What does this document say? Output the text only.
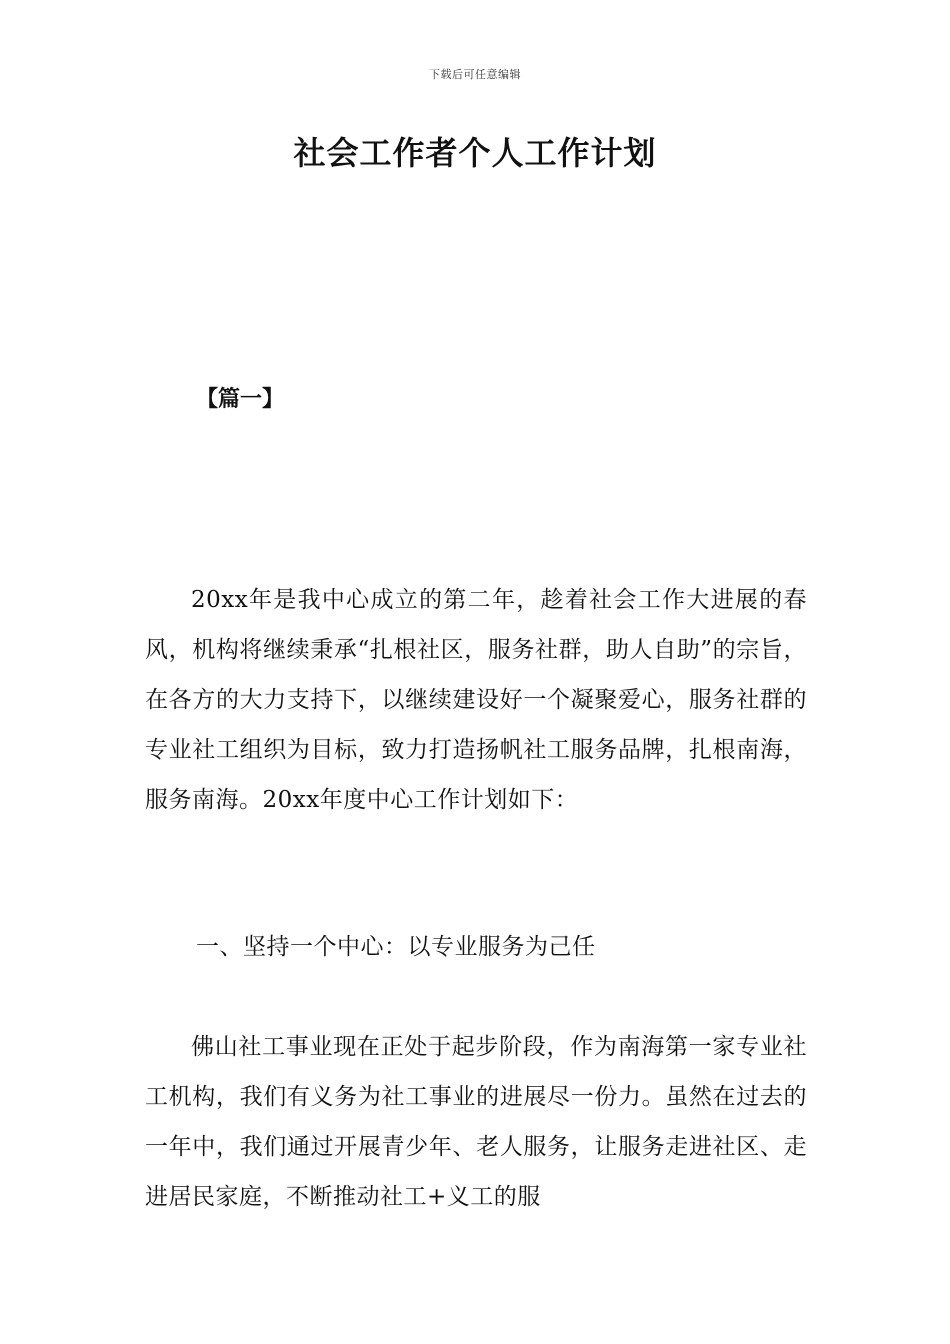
下载后可任意编辑
社会工作者个人工作计划
【篇一】

20xx年是我中心成立的第二年，趁着社会工作大进展的春风，机构将继续秉承“扎根社区，服务社群，助人自助”的宗旨，在各方的大力支持下，以继续建设好一个凝聚爱心，服务社群的专业社工组织为目标，致力打造扬帆社工服务品牌，扎根南海，服务南海。20xx年度中心工作计划如下：

一、坚持一个中心：以专业服务为己任

佛山社工事业现在正处于起步阶段，作为南海第一家专业社工机构，我们有义务为社工事业的进展尽一份力。虽然在过去的一年中，我们通过开展青少年、老人服务，让服务走进社区、走进居民家庭，不断推动社工+义工的服
